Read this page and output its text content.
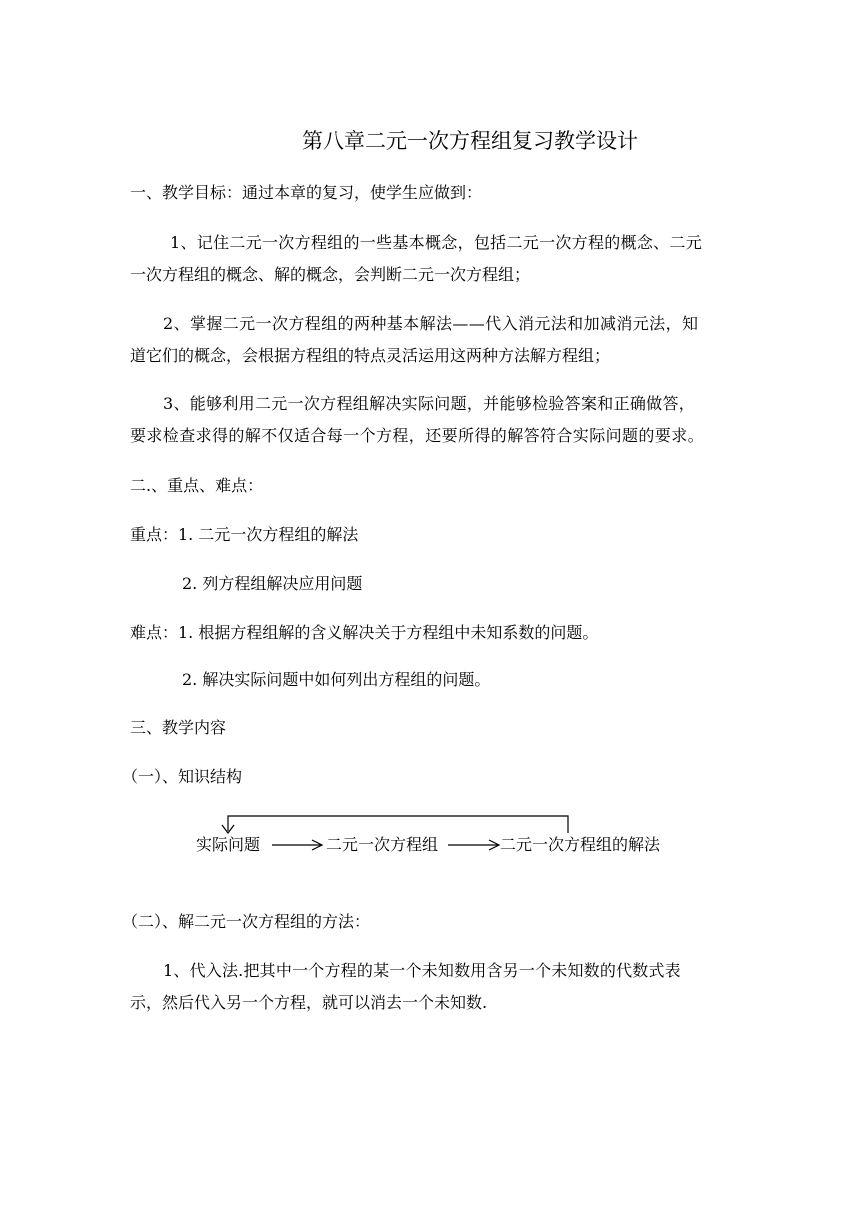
第八章二元一次方程组复习教学设计
一、教学目标：通过本章的复习，使学生应做到：
1、记住二元一次方程组的一些基本概念，包括二元一次方程的概念、二元
一次方程组的概念、解的概念，会判断二元一次方程组；
2、掌握二元一次方程组的两种基本解法——代入消元法和加减消元法，知
道它们的概念，会根据方程组的特点灵活运用这两种方法解方程组；
3、能够利用二元一次方程组解决实际问题，并能够检验答案和正确做答，
要求检查求得的解不仅适合每一个方程，还要所得的解答符合实际问题的要求。
二.、重点、难点：
重点： 1. 二元一次方程组的解法
2. 列方程组解决应用问题
难点： 1. 根据方程组解的含义解决关于方程组中未知系数的问题。
2. 解决实际问题中如何列出方程组的问题。
三、教学内容
（一）、知识结构
实际问题	二元一次方程组	二元一次方程组的解法
（二）、解二元一次方程组的方法：
1、代入法.把其中一个方程的某一个未知数用含另一个未知数的代数式表
示，然后代入另一个方程，就可以消去一个未知数.
